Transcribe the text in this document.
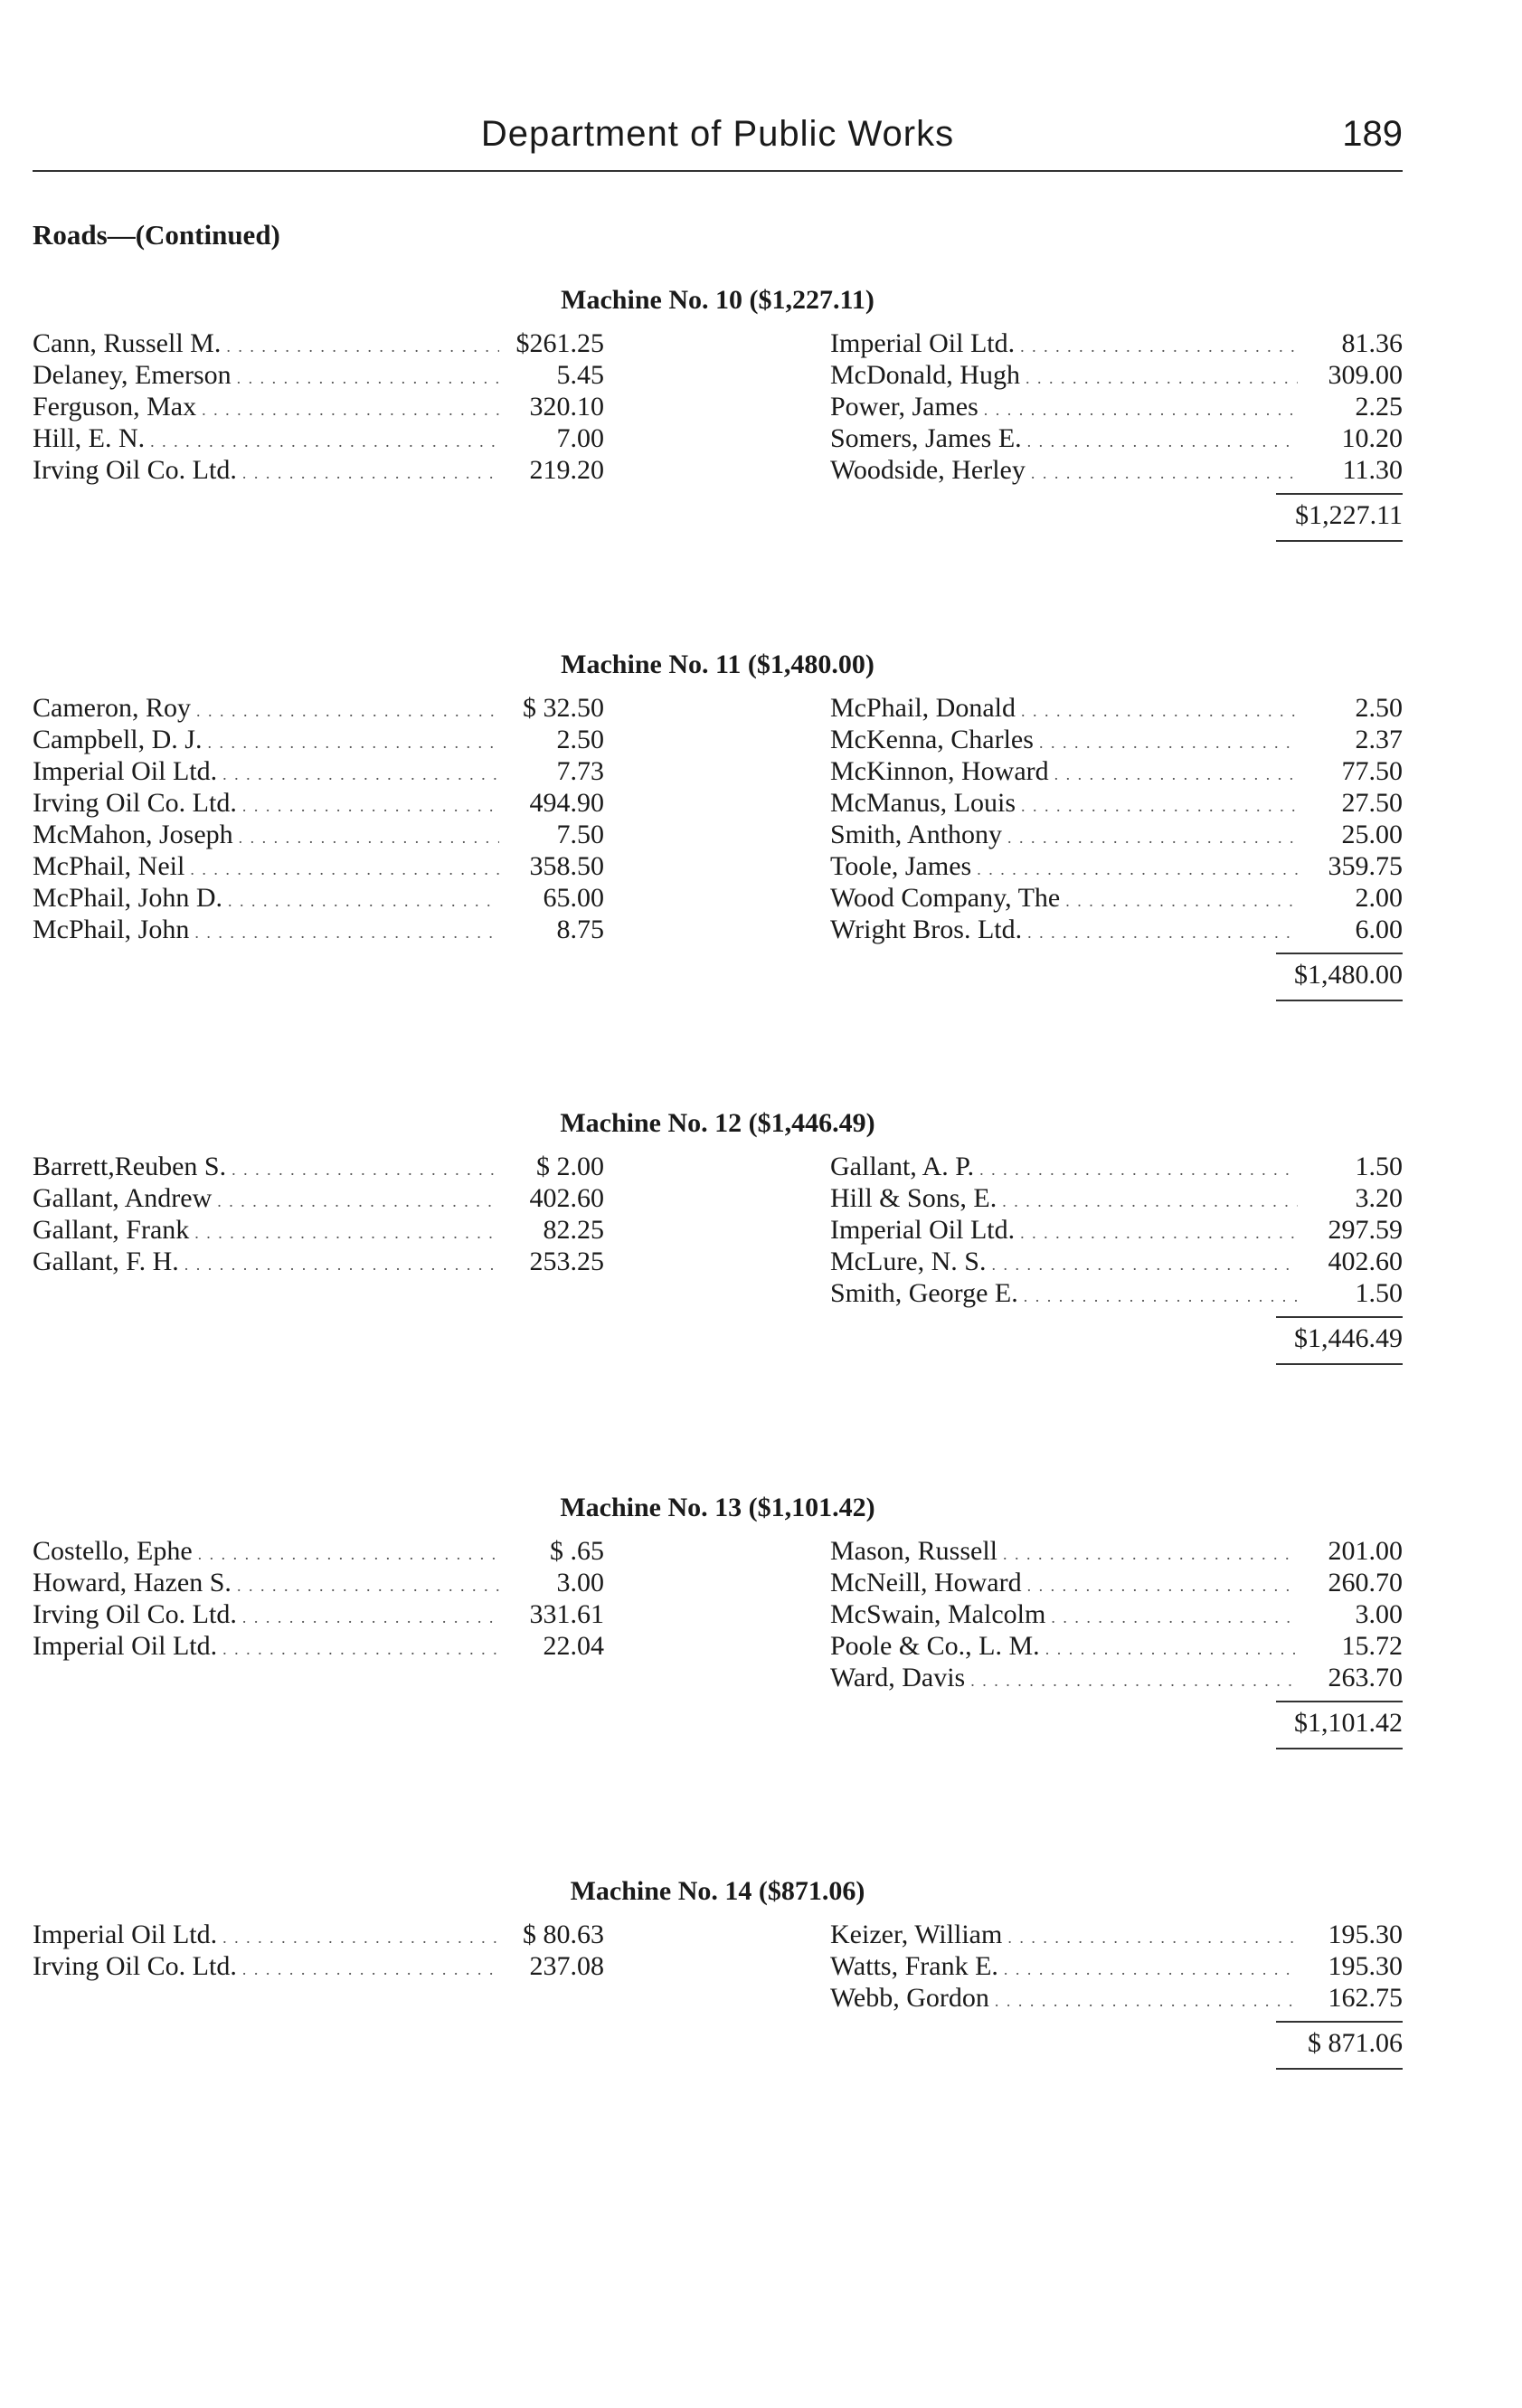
Department of Public Works	189
Roads—(Continued)
Machine No. 10 ($1,227.11)
Cann, Russell M. . . .	$261.25
Delaney, Emerson . . .	5.45
Ferguson, Max . . .	320.10
Hill, E. N. . . .	7.00
Irving Oil Co. Ltd. . . .	219.20
Imperial Oil Ltd. . . .	81.36
McDonald, Hugh . . .	309.00
Power, James . . .	2.25
Somers, James E. . . .	10.20
Woodside, Herley . . .	11.30
$1,227.11
Machine No. 11 ($1,480.00)
Cameron, Roy . . .	$ 32.50
Campbell, D. J. . . .	2.50
Imperial Oil Ltd. . . .	7.73
Irving Oil Co. Ltd. . . .	494.90
McMahon, Joseph . . .	7.50
McPhail, Neil . . .	358.50
McPhail, John D. . . .	65.00
McPhail, John . . .	8.75
McPhail, Donald . . .	2.50
McKenna, Charles . . .	2.37
McKinnon, Howard . . .	77.50
McManus, Louis . . .	27.50
Smith, Anthony . . .	25.00
Toole, James . . .	359.75
Wood Company, The . . .	2.00
Wright Bros. Ltd. . . .	6.00
$1,480.00
Machine No. 12 ($1,446.49)
Barrett,Reuben S. . . .	$ 2.00
Gallant, Andrew . . .	402.60
Gallant, Frank . . .	82.25
Gallant, F. H. . . .	253.25
Gallant, A. P. . . .	1.50
Hill & Sons, E. . . .	3.20
Imperial Oil Ltd. . . .	297.59
McLure, N. S. . . .	402.60
Smith, George E. . . .	1.50
$1,446.49
Machine No. 13 ($1,101.42)
Costello, Ephe . . .	$ .65
Howard, Hazen S. . . .	3.00
Irving Oil Co. Ltd. . . .	331.61
Imperial Oil Ltd. . . .	22.04
Mason, Russell . . .	201.00
McNeill, Howard . . .	260.70
McSwain, Malcolm . . .	3.00
Poole & Co., L. M. . . .	15.72
Ward, Davis . . .	263.70
$1,101.42
Machine No. 14 ($871.06)
Imperial Oil Ltd. . . .	$ 80.63
Irving Oil Co. Ltd. . . .	237.08
Keizer, William . . .	195.30
Watts, Frank E. . . .	195.30
Webb, Gordon . . .	162.75
$ 871.06
